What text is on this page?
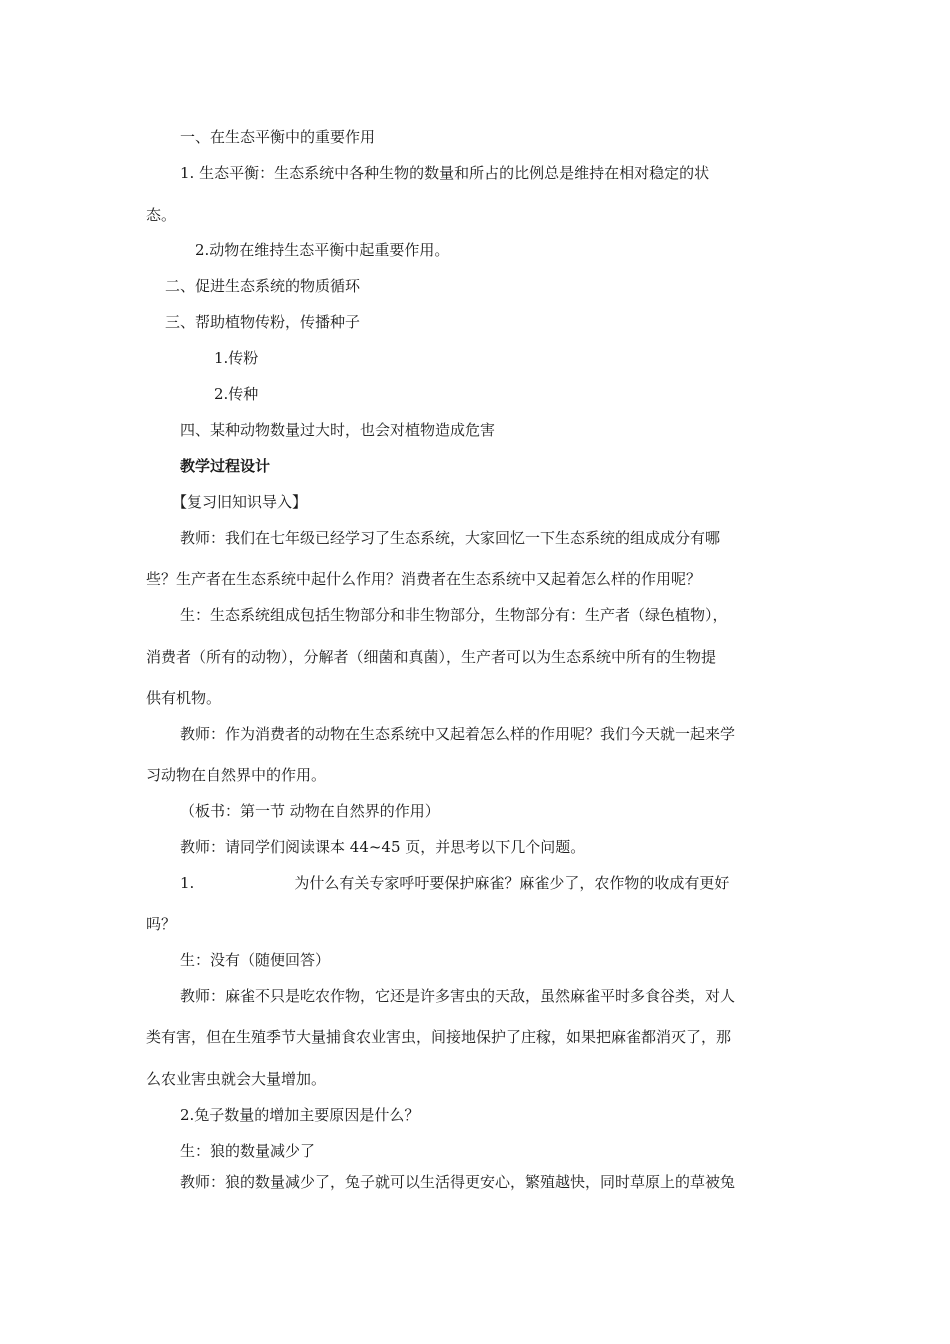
一、在生态平衡中的重要作用
1. 生态平衡：生态系统中各种生物的数量和所占的比例总是维持在相对稳定的状
态。
2.动物在维持生态平衡中起重要作用。
二、促进生态系统的物质循环
三、帮助植物传粉，传播种子
1.传粉
2.传种
四、某种动物数量过大时，也会对植物造成危害
教学过程设计
【复习旧知识导入】
教师：我们在七年级已经学习了生态系统，大家回忆一下生态系统的组成成分有哪
些？生产者在生态系统中起什么作用？消费者在生态系统中又起着怎么样的作用呢？
生：生态系统组成包括生物部分和非生物部分，生物部分有：生产者（绿色植物），
消费者（所有的动物），分解者（细菌和真菌），生产者可以为生态系统中所有的生物提
供有机物。
教师：作为消费者的动物在生态系统中又起着怎么样的作用呢？我们今天就一起来学
习动物在自然界中的作用。
（板书：第一节 动物在自然界的作用）
教师：请同学们阅读课本 44~45 页，并思考以下几个问题。
1.	为什么有关专家呼吁要保护麻雀？麻雀少了，农作物的收成有更好
吗？
生：没有（随便回答）
教师：麻雀不只是吃农作物，它还是许多害虫的天敌，虽然麻雀平时多食谷类，对人
类有害，但在生殖季节大量捕食农业害虫，间接地保护了庄稼，如果把麻雀都消灭了，那
么农业害虫就会大量增加。
2.兔子数量的增加主要原因是什么？
生：狼的数量减少了
教师：狼的数量减少了，兔子就可以生活得更安心，繁殖越快，同时草原上的草被兔
